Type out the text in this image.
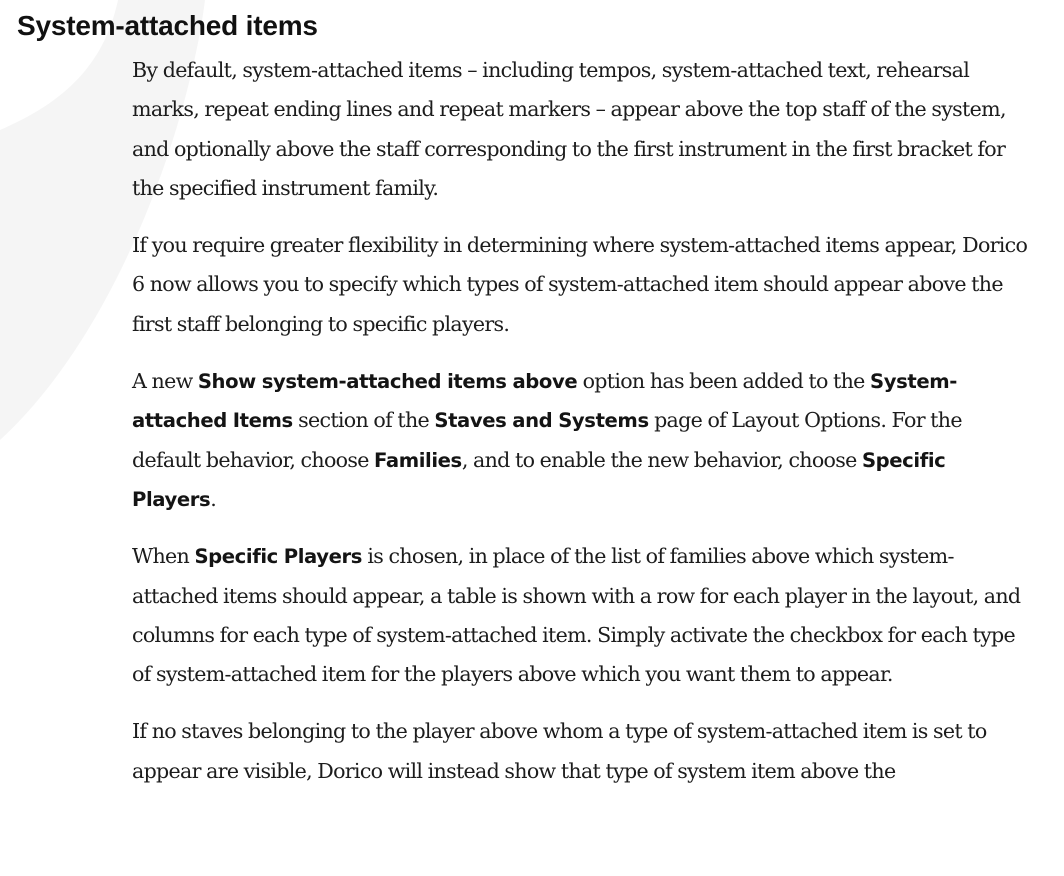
System-attached items

By default, system-attached items – including tempos, system-attached text, rehearsal marks, repeat ending lines and repeat markers – appear above the top staff of the system, and optionally above the staff corresponding to the first instrument in the first bracket for the specified instrument family.

If you require greater flexibility in determining where system-attached items appear, Dorico 6 now allows you to specify which types of system-attached item should appear above the first staff belonging to specific players.

A new Show system-attached items above option has been added to the System-attached Items section of the Staves and Systems page of Layout Options. For the default behavior, choose Families, and to enable the new behavior, choose Specific Players.

When Specific Players is chosen, in place of the list of families above which system-attached items should appear, a table is shown with a row for each player in the layout, and columns for each type of system-attached item. Simply activate the checkbox for each type of system-attached item for the players above which you want them to appear.

If no staves belonging to the player above whom a type of system-attached item is set to appear are visible, Dorico will instead show that type of system item above the
